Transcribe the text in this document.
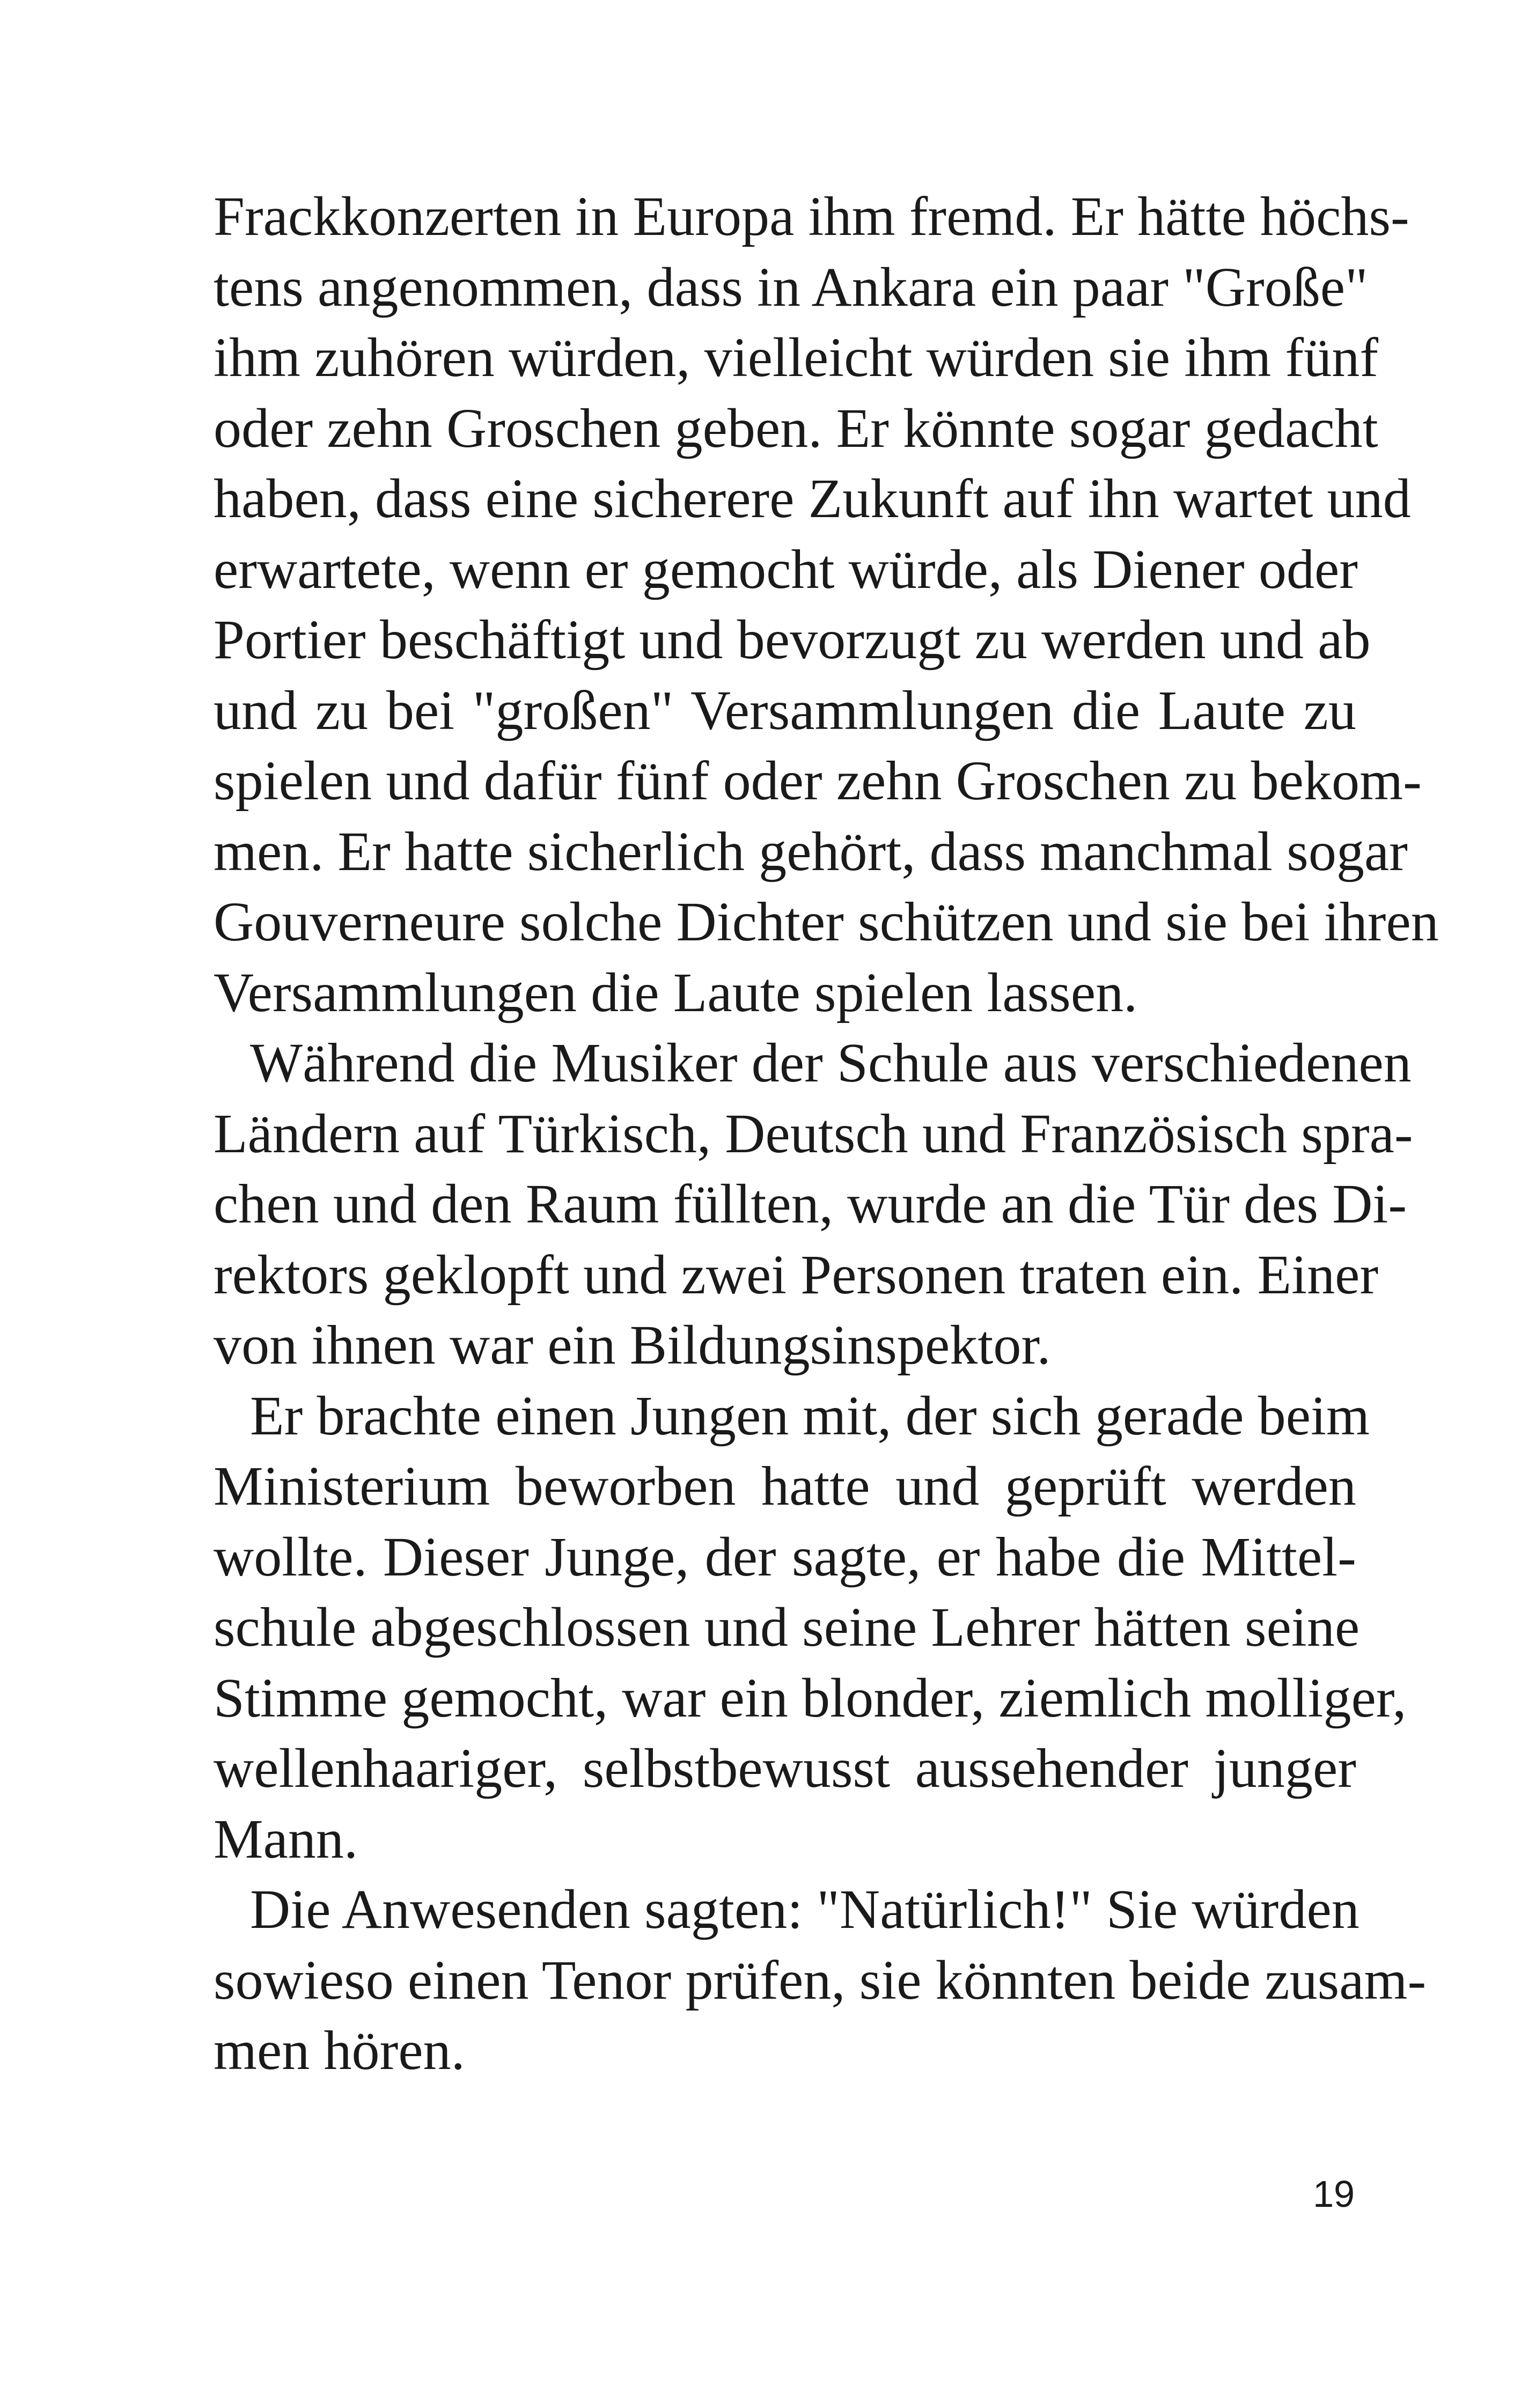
Frackkonzerten in Europa ihm fremd. Er hätte höchs-
tens angenommen, dass in Ankara ein paar "Große"
ihm zuhören würden, vielleicht würden sie ihm fünf
oder zehn Groschen geben. Er könnte sogar gedacht
haben, dass eine sicherere Zukunft auf ihn wartet und
erwartete, wenn er gemocht würde, als Diener oder
Portier beschäftigt und bevorzugt zu werden und ab
und zu bei "großen" Versammlungen die Laute zu
spielen und dafür fünf oder zehn Groschen zu bekom-
men. Er hatte sicherlich gehört, dass manchmal sogar
Gouverneure solche Dichter schützen und sie bei ihren
Versammlungen die Laute spielen lassen.
Während die Musiker der Schule aus verschiedenen
Ländern auf Türkisch, Deutsch und Französisch spra-
chen und den Raum füllten, wurde an die Tür des Di-
rektors geklopft und zwei Personen traten ein. Einer
von ihnen war ein Bildungsinspektor.
Er brachte einen Jungen mit, der sich gerade beim
Ministerium beworben hatte und geprüft werden
wollte. Dieser Junge, der sagte, er habe die Mittel-
schule abgeschlossen und seine Lehrer hätten seine
Stimme gemocht, war ein blonder, ziemlich molliger,
wellenhaariger, selbstbewusst aussehender junger
Mann.
Die Anwesenden sagten: "Natürlich!" Sie würden
sowieso einen Tenor prüfen, sie könnten beide zusam-
men hören.
19
